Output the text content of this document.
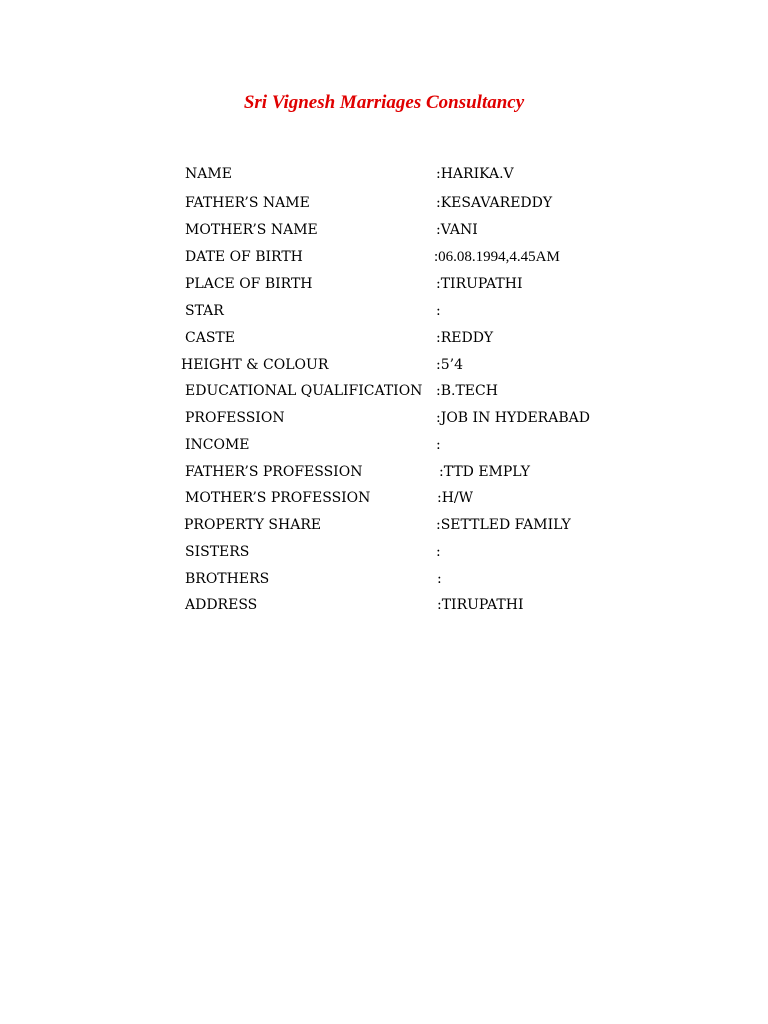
Sri Vignesh Marriages Consultancy
NAME	:HARIKA.V
FATHER’S NAME	:KESAVAREDDY
MOTHER’S NAME	:VANI
DATE OF BIRTH	:06.08.1994,4.45AM
PLACE OF BIRTH	:TIRUPATHI
STAR	:
CASTE	:REDDY
HEIGHT & COLOUR	:5’4
EDUCATIONAL QUALIFICATION :B.TECH
PROFESSION	:JOB IN HYDERABAD
INCOME	:
FATHER’S PROFESSION	:TTD EMPLY
MOTHER’S PROFESSION	:H/W
PROPERTY SHARE	:SETTLED FAMILY
SISTERS	:
BROTHERS	:
ADDRESS	:TIRUPATHI
